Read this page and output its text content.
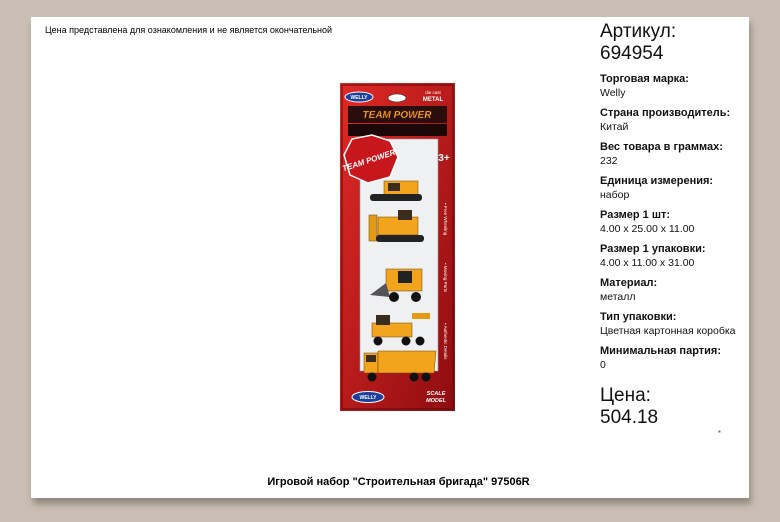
Цена представлена для ознакомления и не является окончательной
WELLY
die cast
METAL
TEAM POWER
TEAM POWER	3+
• Free Wheeling
• Moving Parts
• Authentic Details
WELLY
SCALE
MODEL
Артикул:
694954
Торговая марка:
Welly
Страна производитель:
Китай
Вес товара в граммах:
232
Единица измерения:
набор
Размер 1 шт:
4.00 x 25.00 x 11.00
Размер 1 упаковки:
4.00 x 11.00 x 31.00
Материал:
металл
Тип упаковки:
Цветная картонная коробка
Минимальная партия:
0
Цена:
504.18
▪
Игровой набор "Строительная бригада" 97506R
